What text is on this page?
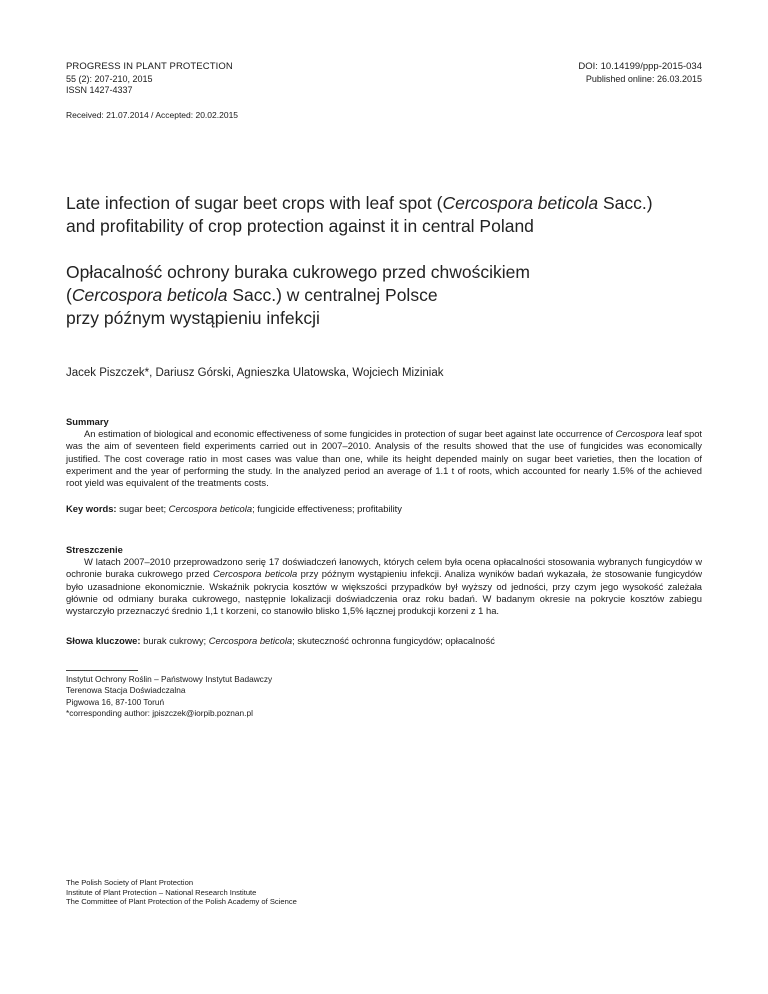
PROGRESS IN PLANT PROTECTION
55 (2): 207-210, 2015
ISSN 1427-4337
DOI: 10.14199/ppp-2015-034
Published online: 26.03.2015
Received: 21.07.2014 / Accepted: 20.02.2015
Late infection of sugar beet crops with leaf spot (Cercospora beticola Sacc.)
and profitability of crop protection against it in central Poland
Opłacalność ochrony buraka cukrowego przed chwościkiem
(Cercospora beticola Sacc.) w centralnej Polsce
przy późnym wystąpieniu infekcji
Jacek Piszczek*, Dariusz Górski, Agnieszka Ulatowska, Wojciech Miziniak
Summary
An estimation of biological and economic effectiveness of some fungicides in protection of sugar beet against late occurrence of Cercospora leaf spot was the aim of seventeen field experiments carried out in 2007–2010. Analysis of the results showed that the use of fungicides was economically justified. The cost coverage ratio in most cases was value than one, while its height depended mainly on sugar beet varieties, then the location of experiment and the year of performing the study. In the analyzed period an average of 1.1 t of roots, which accounted for nearly 1.5% of the achieved root yield was equivalent of the treatments costs.
Key words: sugar beet; Cercospora beticola; fungicide effectiveness; profitability
Streszczenie
W latach 2007–2010 przeprowadzono serię 17 doświadczeń łanowych, których celem była ocena opłacalności stosowania wybranych fungicydów w ochronie buraka cukrowego przed Cercospora beticola przy późnym wystąpieniu infekcji. Analiza wyników badań wykazała, że stosowanie fungicydów było uzasadnione ekonomicznie. Wskaźnik pokrycia kosztów w większości przypadków był wyższy od jedności, przy czym jego wysokość zależała głównie od odmiany buraka cukrowego, następnie lokalizacji doświadczenia oraz roku badań. W badanym okresie na pokrycie kosztów zabiegu wystarczyło przeznaczyć średnio 1,1 t korzeni, co stanowiło blisko 1,5% łącznej produkcji korzeni z 1 ha.
Słowa kluczowe: burak cukrowy; Cercospora beticola; skuteczność ochronna fungicydów; opłacalność
Instytut Ochrony Roślin – Państwowy Instytut Badawczy
Terenowa Stacja Doświadczalna
Pigwowa 16, 87-100 Toruń
*corresponding author: jpiszczek@iorpib.poznan.pl
The Polish Society of Plant Protection
Institute of Plant Protection – National Research Institute
The Committee of Plant Protection of the Polish Academy of Science
